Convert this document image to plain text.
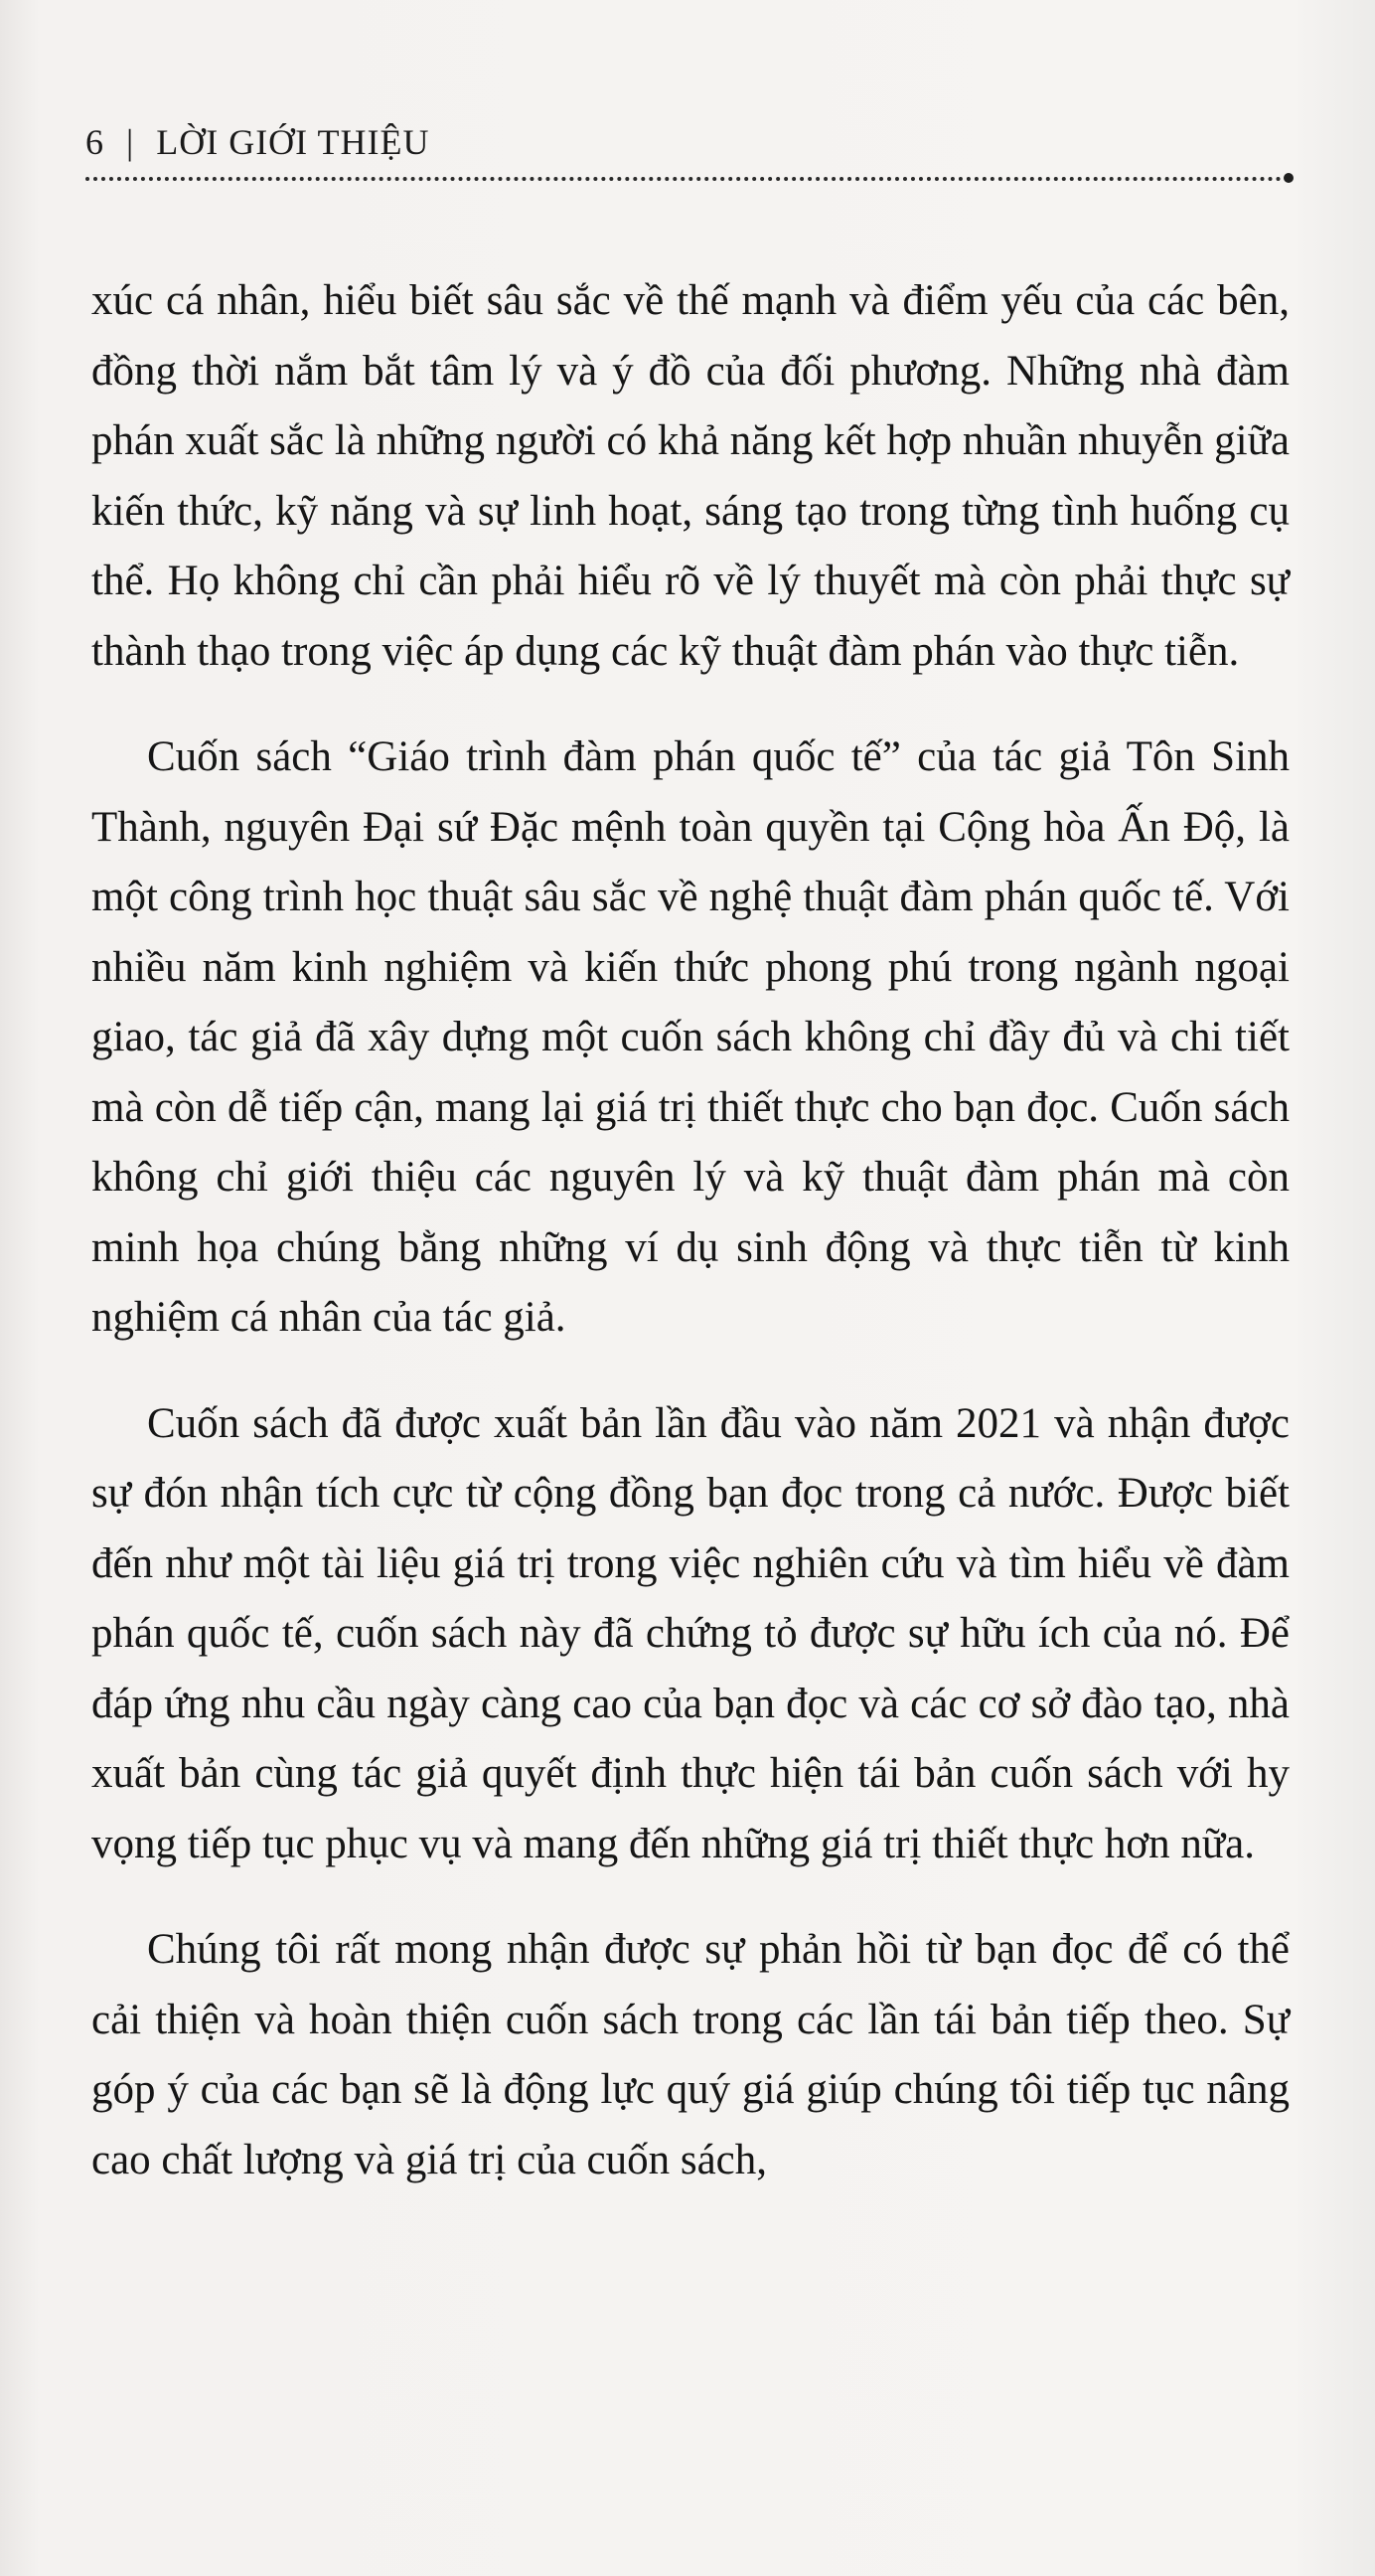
6 | LỜI GIỚI THIỆU

xúc cá nhân, hiểu biết sâu sắc về thế mạnh và điểm yếu của các bên, đồng thời nắm bắt tâm lý và ý đồ của đối phương. Những nhà đàm phán xuất sắc là những người có khả năng kết hợp nhuần nhuyễn giữa kiến thức, kỹ năng và sự linh hoạt, sáng tạo trong từng tình huống cụ thể. Họ không chỉ cần phải hiểu rõ về lý thuyết mà còn phải thực sự thành thạo trong việc áp dụng các kỹ thuật đàm phán vào thực tiễn.

Cuốn sách “Giáo trình đàm phán quốc tế” của tác giả Tôn Sinh Thành, nguyên Đại sứ Đặc mệnh toàn quyền tại Cộng hòa Ấn Độ, là một công trình học thuật sâu sắc về nghệ thuật đàm phán quốc tế. Với nhiều năm kinh nghiệm và kiến thức phong phú trong ngành ngoại giao, tác giả đã xây dựng một cuốn sách không chỉ đầy đủ và chi tiết mà còn dễ tiếp cận, mang lại giá trị thiết thực cho bạn đọc. Cuốn sách không chỉ giới thiệu các nguyên lý và kỹ thuật đàm phán mà còn minh họa chúng bằng những ví dụ sinh động và thực tiễn từ kinh nghiệm cá nhân của tác giả.

Cuốn sách đã được xuất bản lần đầu vào năm 2021 và nhận được sự đón nhận tích cực từ cộng đồng bạn đọc trong cả nước. Được biết đến như một tài liệu giá trị trong việc nghiên cứu và tìm hiểu về đàm phán quốc tế, cuốn sách này đã chứng tỏ được sự hữu ích của nó. Để đáp ứng nhu cầu ngày càng cao của bạn đọc và các cơ sở đào tạo, nhà xuất bản cùng tác giả quyết định thực hiện tái bản cuốn sách với hy vọng tiếp tục phục vụ và mang đến những giá trị thiết thực hơn nữa.

Chúng tôi rất mong nhận được sự phản hồi từ bạn đọc để có thể cải thiện và hoàn thiện cuốn sách trong các lần tái bản tiếp theo. Sự góp ý của các bạn sẽ là động lực quý giá giúp chúng tôi tiếp tục nâng cao chất lượng và giá trị của cuốn sách,
